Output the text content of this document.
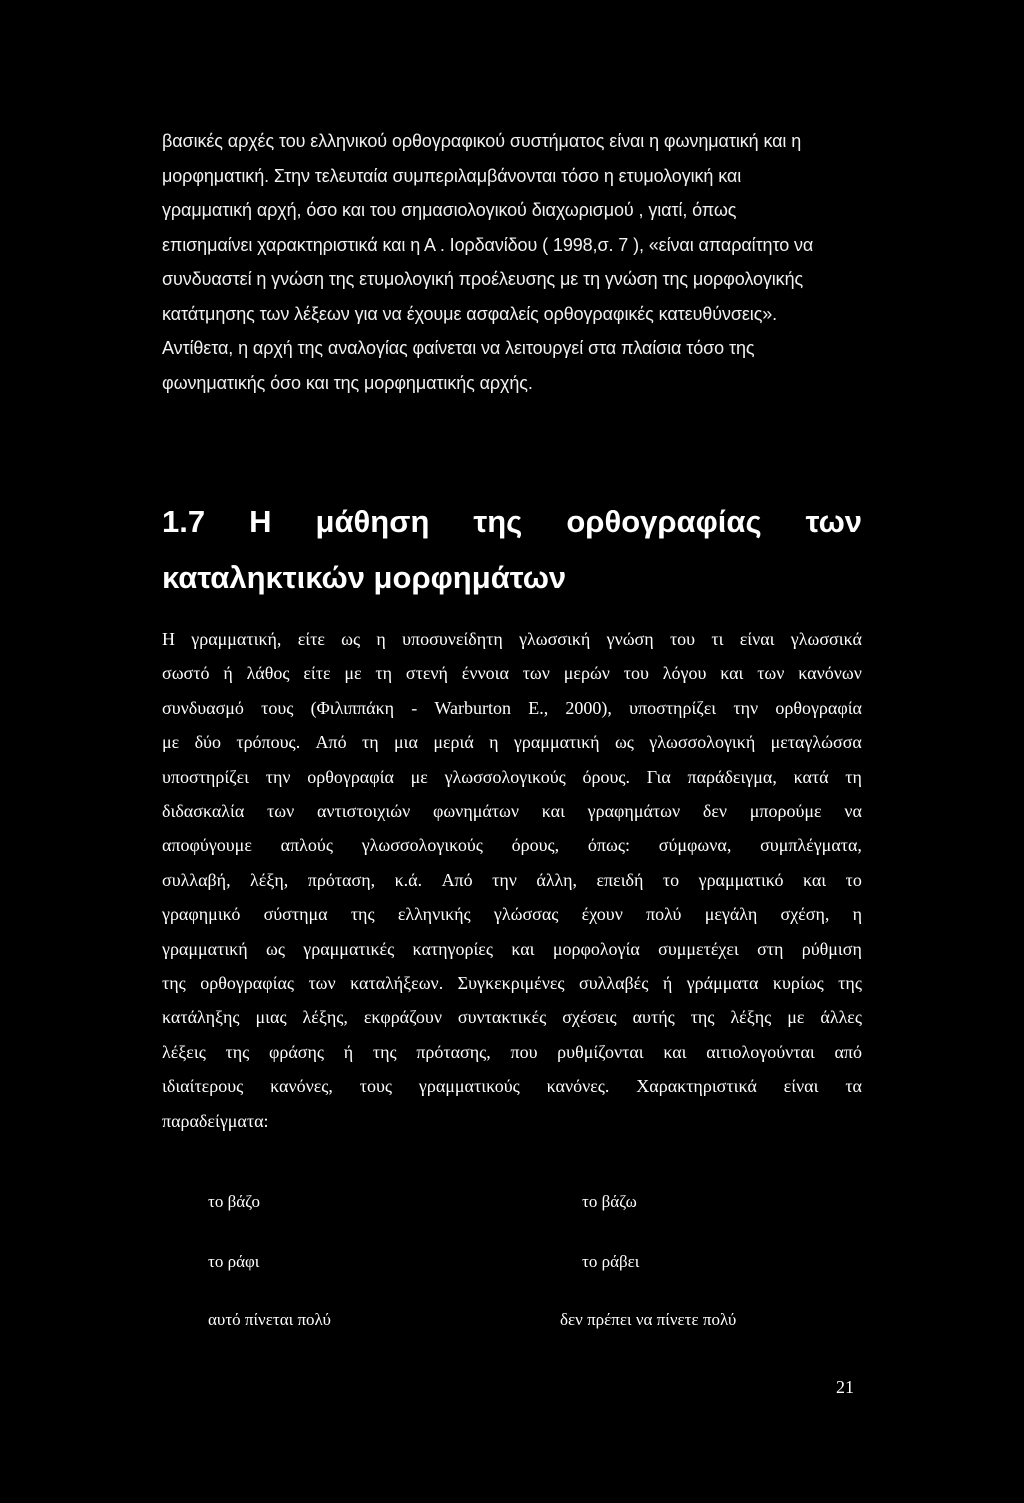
βασικές αρχές του ελληνικού ορθογραφικού συστήματος είναι η φωνηματική και η
μορφηματική. Στην τελευταία συμπεριλαμβάνονται τόσο η ετυμολογική και
γραμματική αρχή, όσο και του σημασιολογικού διαχωρισμού , γιατί, όπως
επισημαίνει χαρακτηριστικά και η Α . Ιορδανίδου ( 1998,σ. 7 ), «είναι απαραίτητο να
συνδυαστεί η γνώση της ετυμολογική προέλευσης με τη γνώση της μορφολογικής
κατάτμησης των λέξεων για να έχουμε ασφαλείς ορθογραφικές κατευθύνσεις».
Αντίθετα, η αρχή της αναλογίας φαίνεται να λειτουργεί στα πλαίσια τόσο της
φωνηματικής όσο και της μορφηματικής αρχής.
1.7 Η μάθηση της ορθογραφίας των
καταληκτικών μορφημάτων
Η γραμματική, είτε ως η υποσυνείδητη γλωσσική γνώση του τι είναι γλωσσικά
σωστό ή λάθος είτε με τη στενή έννοια των μερών του λόγου και των κανόνων
συνδυασμό τους (Φιλιππάκη - Warburton Ε., 2000), υποστηρίζει την ορθογραφία
με δύο τρόπους. Από τη μια μεριά η γραμματική ως γλωσσολογική μεταγλώσσα
υποστηρίζει την ορθογραφία με γλωσσολογικούς όρους. Για παράδειγμα, κατά τη
διδασκαλία των αντιστοιχιών φωνημάτων και γραφημάτων δεν μπορούμε να
αποφύγουμε απλούς γλωσσολογικούς όρους, όπως: σύμφωνα, συμπλέγματα,
συλλαβή, λέξη, πρόταση, κ.ά. Από την άλλη, επειδή το γραμματικό και το
γραφημικό σύστημα της ελληνικής γλώσσας έχουν πολύ μεγάλη σχέση, η
γραμματική ως γραμματικές κατηγορίες και μορφολογία συμμετέχει στη ρύθμιση
της ορθογραφίας των καταλήξεων. Συγκεκριμένες συλλαβές ή γράμματα κυρίως της
κατάληξης μιας λέξης, εκφράζουν συντακτικές σχέσεις αυτής της λέξης με άλλες
λέξεις της φράσης ή της πρότασης, που ρυθμίζονται και αιτιολογούνται από
ιδιαίτερους κανόνες, τους γραμματικούς κανόνες. Χαρακτηριστικά είναι τα
παραδείγματα:
το βάζο	το βάζω
το ράφι	το ράβει
αυτό πίνεται πολύ	δεν πρέπει να πίνετε πολύ
21
